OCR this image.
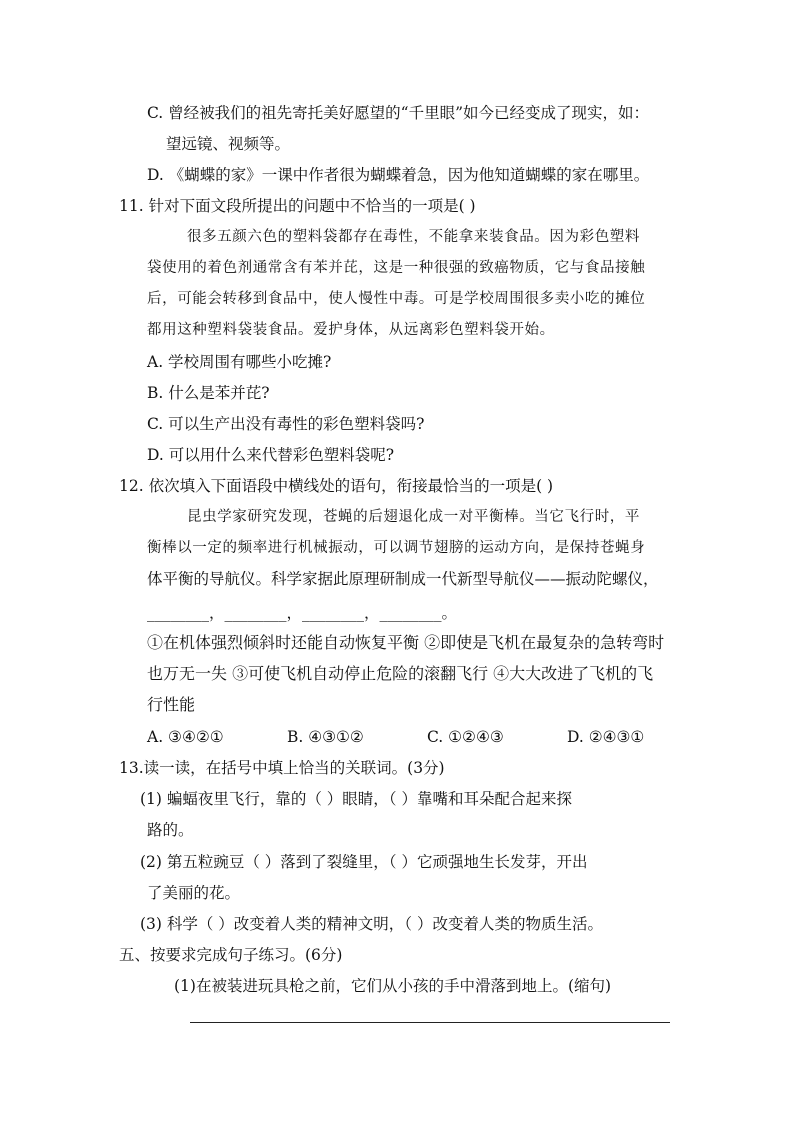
C. 曾经被我们的祖先寄托美好愿望的“千里眼”如今已经变成了现实，如：
望远镜、视频等。
D. 《蝴蝶的家》一课中作者很为蝴蝶着急，因为他知道蝴蝶的家在哪里。
11. 针对下面文段所提出的问题中不恰当的一项是( )
很多五颜六色的塑料袋都存在毒性，不能拿来装食品。因为彩色塑料
袋使用的着色剂通常含有苯并芘，这是一种很强的致癌物质，它与食品接触
后，可能会转移到食品中，使人慢性中毒。可是学校周围很多卖小吃的摊位
都用这种塑料袋装食品。爱护身体，从远离彩色塑料袋开始。
A. 学校周围有哪些小吃摊?
B. 什么是苯并芘?
C. 可以生产出没有毒性的彩色塑料袋吗?
D. 可以用什么来代替彩色塑料袋呢?
12. 依次填入下面语段中横线处的语句，衔接最恰当的一项是( )
昆虫学家研究发现，苍蝇的后翅退化成一对平衡棒。当它飞行时，平
衡棒以一定的频率进行机械振动，可以调节翅膀的运动方向，是保持苍蝇身
体平衡的导航仪。科学家据此原理研制成一代新型导航仪——振动陀螺仪，
________，________，________，________。
①在机体强烈倾斜时还能自动恢复平衡 ②即使是飞机在最复杂的急转弯时
也万无一失 ③可使飞机自动停止危险的滚翻飞行 ④大大改进了飞机的飞
行性能
A. ③④②①	B. ④③①②	C. ①②④③	D. ②④③①
13.读一读，在括号中填上恰当的关联词。(3分)
(1) 蝙蝠夜里飞行，靠的（ ）眼睛，（ ）靠嘴和耳朵配合起来探
路的。
(2) 第五粒豌豆（ ）落到了裂缝里，（ ）它顽强地生长发芽，开出
了美丽的花。
(3) 科学（ ）改变着人类的精神文明，（ ）改变着人类的物质生活。
五、按要求完成句子练习。(6分)
(1)在被装进玩具枪之前，它们从小孩的手中滑落到地上。(缩句)
